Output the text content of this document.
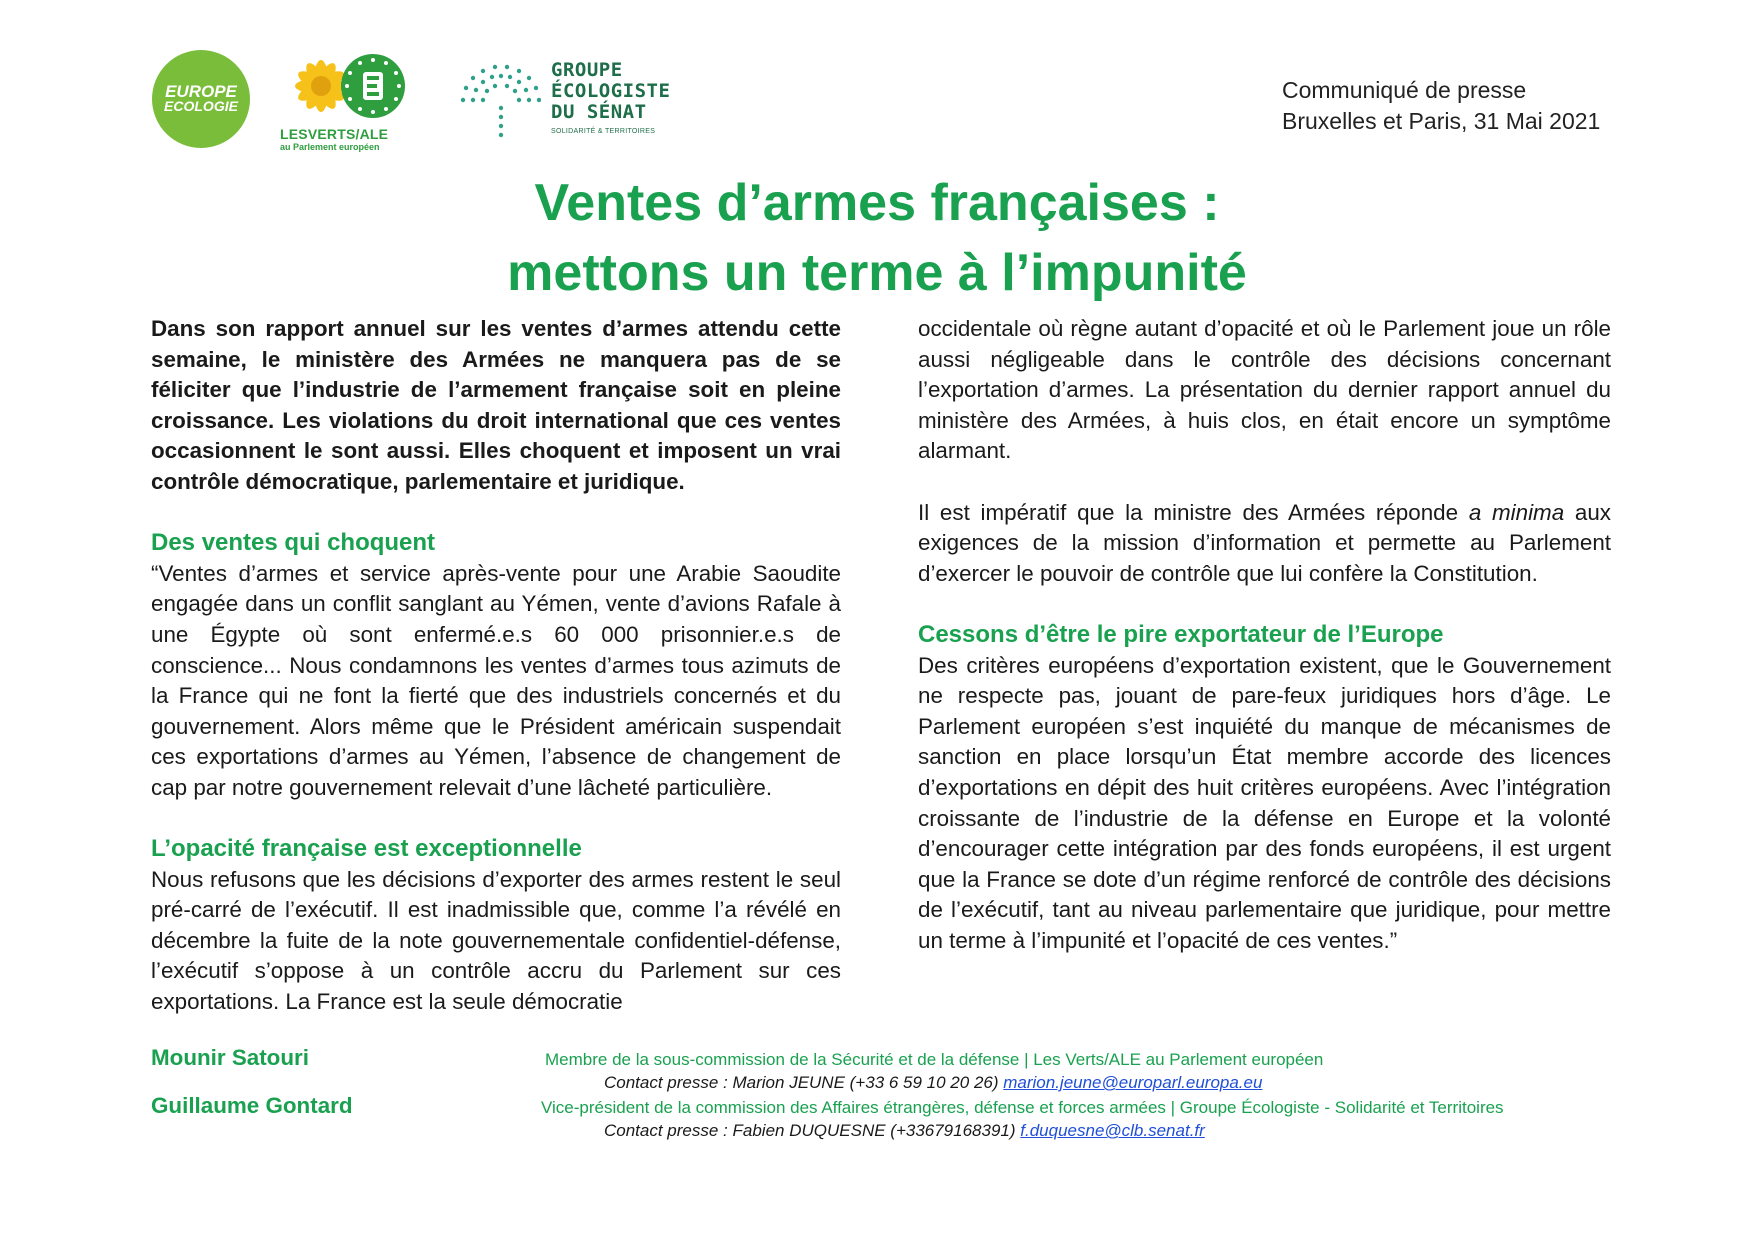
EUROPE
ECOLOGIE
LESVERTS/ALE
au Parlement européen
GROUPE
ÉCOLOGISTE
DU SÉNAT
SOLIDARITÉ & TERRITOIRES
Communiqué de presse
Bruxelles et Paris, 31 Mai 2021
Ventes d’armes françaises :
mettons un terme à l’impunité

Dans son rapport annuel sur les ventes d’armes attendu cette semaine, le ministère des Armées ne manquera pas de se féliciter que l’industrie de l’armement française soit en pleine croissance. Les violations du droit international que ces ventes occasionnent le sont aussi. Elles choquent et imposent un vrai contrôle démocratique, parlementaire et juridique.

Des ventes qui choquent

“Ventes d’armes et service après-vente pour une Arabie Saoudite engagée dans un conflit sanglant au Yémen, vente d’avions Rafale à une Égypte où sont enfermé.e.s 60 000 prisonnier.e.s de conscience... Nous condamnons les ventes d’armes tous azimuts de la France qui ne font la fierté que des industriels concernés et du gouvernement. Alors même que le Président américain suspendait ces exportations d’armes au Yémen, l’absence de changement de cap par notre gouvernement relevait d’une lâcheté particulière.

L’opacité française est exceptionnelle

Nous refusons que les décisions d’exporter des armes restent le seul pré-carré de l’exécutif. Il est inadmissible que, comme l’a révélé en décembre la fuite de la note gouvernementale confidentiel-défense, l’exécutif s’oppose à un contrôle accru du Parlement sur ces exportations. La France est la seule démocratie

occidentale où règne autant d’opacité et où le Parlement joue un rôle aussi négligeable dans le contrôle des décisions concernant l’exportation d’armes. La présentation du dernier rapport annuel du ministère des Armées, à huis clos, en était encore un symptôme alarmant.

Il est impératif que la ministre des Armées réponde a minima aux exigences de la mission d’information et permette au Parlement d’exercer le pouvoir de contrôle que lui confère la Constitution.

Cessons d’être le pire exportateur de l’Europe

Des critères européens d’exportation existent, que le Gouvernement ne respecte pas, jouant de pare-feux juridiques hors d’âge. Le Parlement européen s’est inquiété du manque de mécanismes de sanction en place lorsqu’un État membre accorde des licences d’exportations en dépit des huit critères européens. Avec l’intégration croissante de l’industrie de la défense en Europe et la volonté d’encourager cette intégration par des fonds européens, il est urgent que la France se dote d’un régime renforcé de contrôle des décisions de l’exécutif, tant au niveau parlementaire que juridique, pour mettre un terme à l’impunité et l’opacité de ces ventes.”

Mounir Satouri	Membre de la sous-commission de la Sécurité et de la défense | Les Verts/ALE au Parlement européen
Contact presse : Marion JEUNE (+33 6 59 10 20 26) marion.jeune@europarl.europa.eu
Guillaume Gontard	Vice-président de la commission des Affaires étrangères, défense et forces armées | Groupe Écologiste - Solidarité et Territoires
Contact presse : Fabien DUQUESNE (+33679168391) f.duquesne@clb.senat.fr
